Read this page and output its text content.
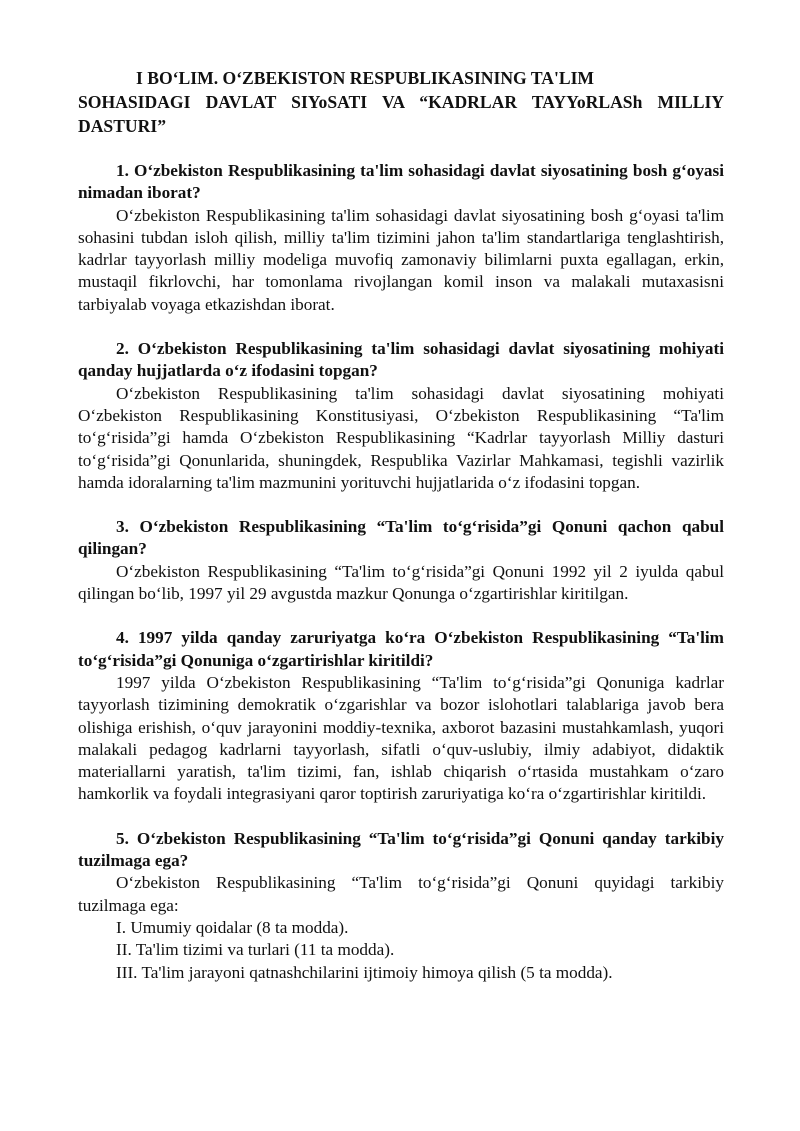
I BO‘LIM. O‘ZBEKISTON RESPUBLIKASINING TA'LIM

SOHASIDAGI DAVLAT SIYoSATI VA “KADRLAR TAYYoRLASh MILLIY DASTURI”

1. O‘zbekiston Respublikasining ta'lim sohasidagi davlat siyosatining bosh g‘oyasi nimadan iborat?

O‘zbekiston Respublikasining ta'lim sohasidagi davlat siyosatining bosh g‘oyasi ta'lim sohasini tubdan isloh qilish, milliy ta'lim tizimini jahon ta'lim standartlariga tenglashtirish, kadrlar tayyorlash milliy modeliga muvofiq zamonaviy bilimlarni puxta egallagan, erkin, mustaqil fikrlovchi, har tomonlama rivojlangan komil inson va malakali mutaxasisni tarbiyalab voyaga etkazishdan iborat.

2. O‘zbekiston Respublikasining ta'lim sohasidagi davlat siyosatining mohiyati qanday hujjatlarda o‘z ifodasini topgan?

O‘zbekiston Respublikasining ta'lim sohasidagi davlat siyosatining mohiyati O‘zbekiston Respublikasining Konstitusiyasi, O‘zbekiston Respublikasining “Ta'lim to‘g‘risida”gi hamda O‘zbekiston Respublikasining “Kadrlar tayyorlash Milliy dasturi to‘g‘risida”gi Qonunlarida, shuningdek, Respublika Vazirlar Mahkamasi, tegishli vazirlik hamda idoralarning ta'lim mazmunini yorituvchi hujjatlarida o‘z ifodasini topgan.

3. O‘zbekiston Respublikasining “Ta'lim to‘g‘risida”gi Qonuni qachon qabul qilingan?

O‘zbekiston Respublikasining “Ta'lim to‘g‘risida”gi Qonuni 1992 yil 2 iyulda qabul qilingan bo‘lib, 1997 yil 29 avgustda mazkur Qonunga o‘zgartirishlar kiritilgan.

4. 1997 yilda qanday zaruriyatga ko‘ra O‘zbekiston Respublikasining “Ta'lim to‘g‘risida”gi Qonuniga o‘zgartirishlar kiritildi?

1997 yilda O‘zbekiston Respublikasining “Ta'lim to‘g‘risida”gi Qonuniga kadrlar tayyorlash tizimining demokratik o‘zgarishlar va bozor islohotlari talablariga javob bera olishiga erishish, o‘quv jarayonini moddiy-texnika, axborot bazasini mustahkamlash, yuqori malakali pedagog kadrlarni tayyorlash, sifatli o‘quv-uslubiy, ilmiy adabiyot, didaktik materiallarni yaratish, ta'lim tizimi, fan, ishlab chiqarish o‘rtasida mustahkam o‘zaro hamkorlik va foydali integrasiyani qaror toptirish zaruriyatiga ko‘ra o‘zgartirishlar kiritildi.

5. O‘zbekiston Respublikasining “Ta'lim to‘g‘risida”gi Qonuni qanday tarkibiy tuzilmaga ega?

O‘zbekiston Respublikasining “Ta'lim to‘g‘risida”gi Qonuni quyidagi tarkibiy tuzilmaga ega:

I. Umumiy qoidalar (8 ta modda).
II. Ta'lim tizimi va turlari (11 ta modda).
III. Ta'lim jarayoni qatnashchilarini ijtimoiy himoya qilish (5 ta modda).
